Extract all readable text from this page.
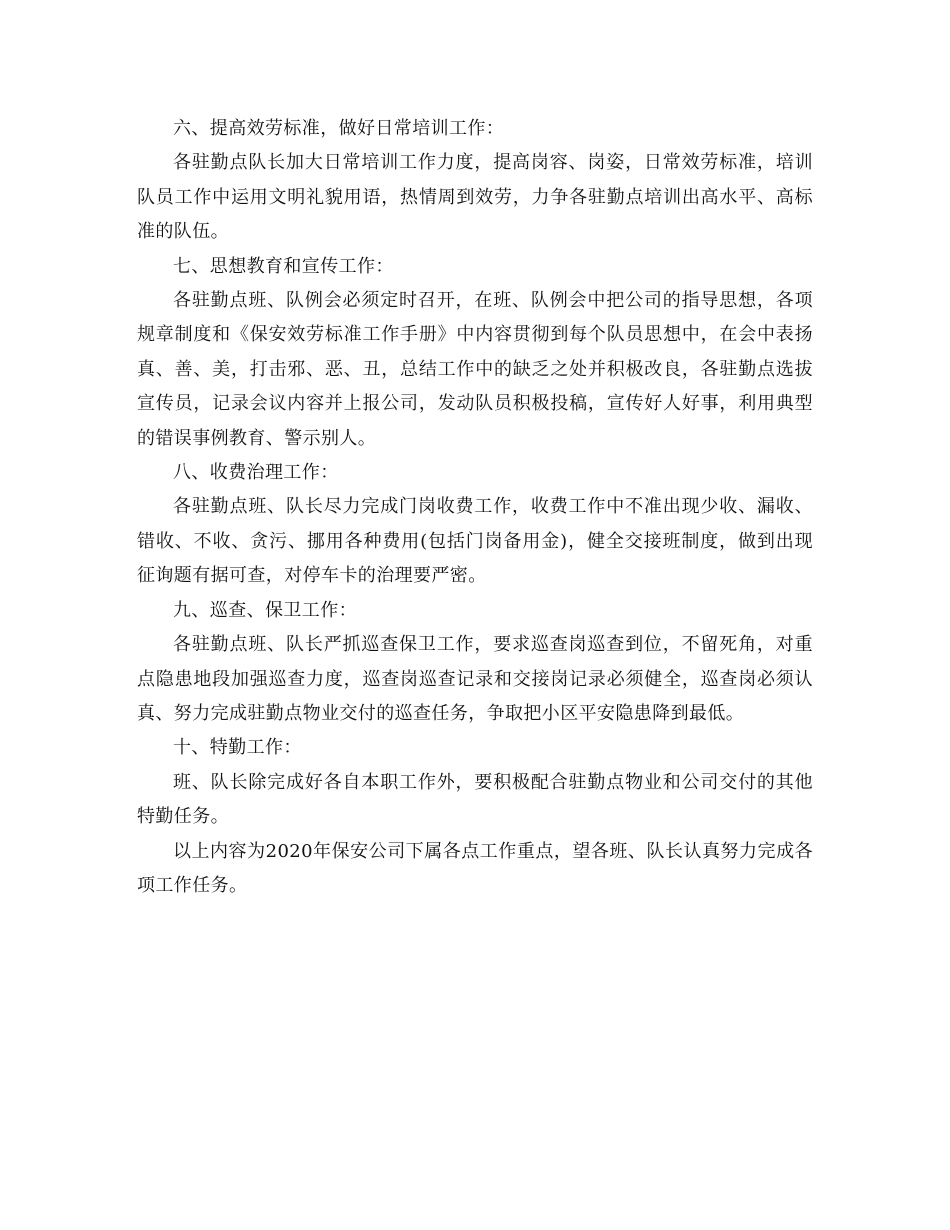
六、提高效劳标准，做好日常培训工作：

各驻勤点队长加大日常培训工作力度，提高岗容、岗姿，日常效劳标准，培训队员工作中运用文明礼貌用语，热情周到效劳，力争各驻勤点培训出高水平、高标准的队伍。

七、思想教育和宣传工作：

各驻勤点班、队例会必须定时召开，在班、队例会中把公司的指导思想，各项规章制度和《保安效劳标准工作手册》中内容贯彻到每个队员思想中，在会中表扬真、善、美，打击邪、恶、丑，总结工作中的缺乏之处并积极改良，各驻勤点选拔宣传员，记录会议内容并上报公司，发动队员积极投稿，宣传好人好事，利用典型的错误事例教育、警示别人。

八、收费治理工作：

各驻勤点班、队长尽力完成门岗收费工作，收费工作中不准出现少收、漏收、错收、不收、贪污、挪用各种费用(包括门岗备用金)，健全交接班制度，做到出现征询题有据可查，对停车卡的治理要严密。

九、巡查、保卫工作：

各驻勤点班、队长严抓巡查保卫工作，要求巡查岗巡查到位，不留死角，对重点隐患地段加强巡查力度，巡查岗巡查记录和交接岗记录必须健全，巡查岗必须认真、努力完成驻勤点物业交付的巡查任务，争取把小区平安隐患降到最低。

十、特勤工作：

班、队长除完成好各自本职工作外，要积极配合驻勤点物业和公司交付的其他特勤任务。

以上内容为2020年保安公司下属各点工作重点，望各班、队长认真努力完成各项工作任务。
